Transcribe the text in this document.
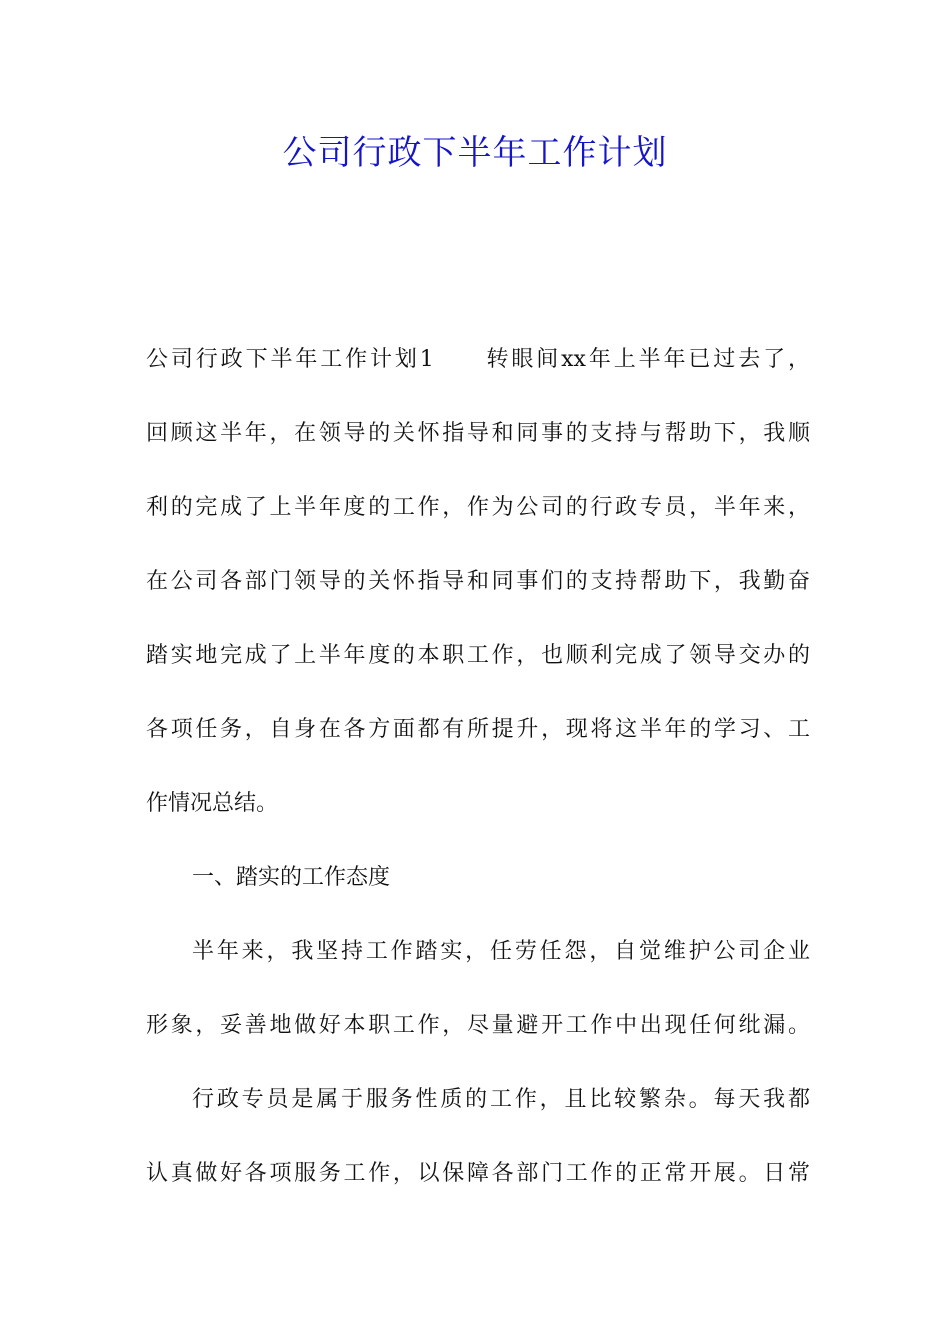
公司行政下半年工作计划

公司行政下半年工作计划1　　转眼间xx年上半年已过去了，

回顾这半年，在领导的关怀指导和同事的支持与帮助下，我顺

利的完成了上半年度的工作，作为公司的行政专员，半年来，

在公司各部门领导的关怀指导和同事们的支持帮助下，我勤奋

踏实地完成了上半年度的本职工作，也顺利完成了领导交办的

各项任务，自身在各方面都有所提升，现将这半年的学习、工

作情况总结。

一、踏实的工作态度

半年来，我坚持工作踏实，任劳任怨，自觉维护公司企业

形象，妥善地做好本职工作，尽量避开工作中出现任何纰漏。

行政专员是属于服务性质的工作，且比较繁杂。每天我都

认真做好各项服务工作，以保障各部门工作的正常开展。日常
